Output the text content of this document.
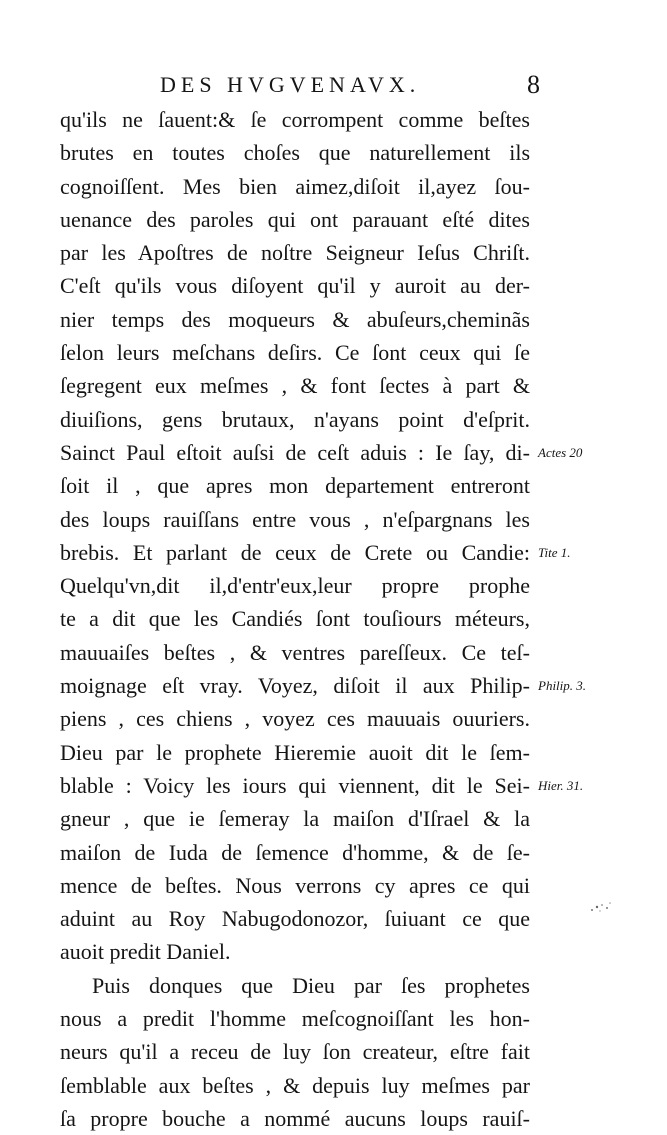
DES HVGVENAVX.	8
qu'ils ne ſauent:& ſe corrompent comme beſtes
brutes en toutes choſes que naturellement ils
cognoiſſent. Mes bien aimez,diſoit il,ayez ſou-
uenance des paroles qui ont parauant eſté dites
par les Apoſtres de noſtre Seigneur Ieſus Chriſt.
C'eſt qu'ils vous diſoyent qu'il y auroit au der-
nier temps des moqueurs & abuſeurs,cheminãs
ſelon leurs meſchans deſirs. Ce ſont ceux qui ſe
ſegregent eux meſmes , & font ſectes à part &
diuiſions, gens brutaux, n'ayans point d'eſprit.
Sainct Paul eſtoit auſsi de ceſt aduis : Ie ſay, di-
ſoit il , que apres mon departement entreront
des loups rauiſſans entre vous , n'eſpargnans les
brebis. Et parlant de ceux de Crete ou Candie:
Quelqu'vn,dit il,d'entr'eux,leur propre prophe
te a dit que les Candiés ſont touſiours méteurs,
mauuaiſes beſtes , & ventres pareſſeux. Ce teſ-
moignage eſt vray. Voyez, diſoit il aux Philip-
piens , ces chiens , voyez ces mauuais ouuriers.
Dieu par le prophete Hieremie auoit dit le ſem-
blable : Voicy les iours qui viennent, dit le Sei-
gneur , que ie ſemeray la maiſon d'Iſrael & la
maiſon de Iuda de ſemence d'homme, & de ſe-
mence de beſtes. Nous verrons cy apres ce qui
aduint au Roy Nabugodonozor, ſuiuant ce que
auoit predit Daniel.
Puis donques que Dieu par ſes prophetes
nous a predit l'homme meſcognoiſſant les hon-
neurs qu'il a receu de luy ſon createur, eſtre fait
ſemblable aux beſtes , & depuis luy meſmes par
ſa propre bouche a nommé aucuns loups rauiſ-
Actes 20
Tite 1.
Philip. 3.
Hier. 31.
